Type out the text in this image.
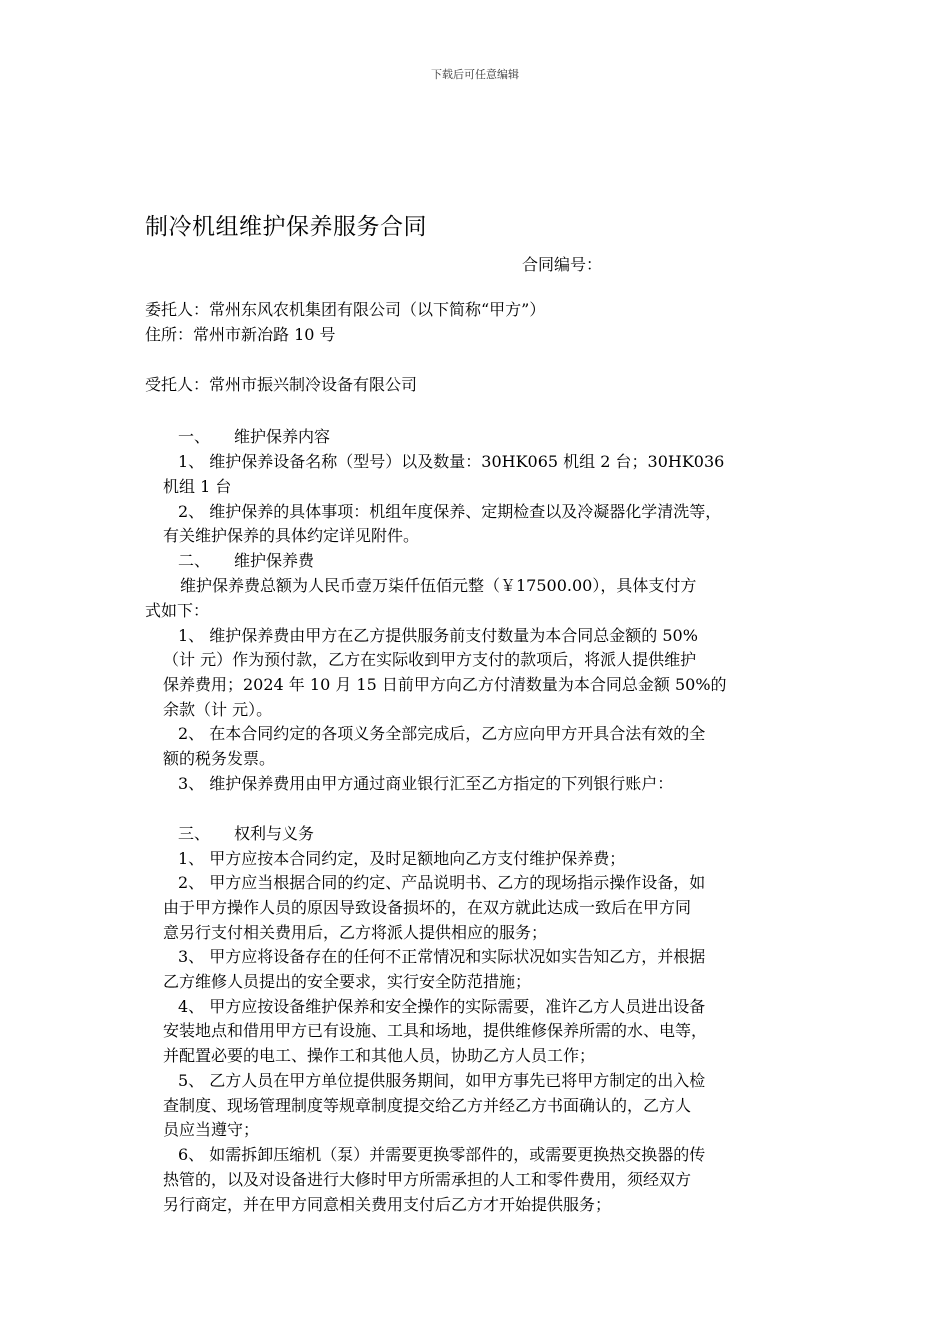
下载后可任意编辑
制冷机组维护保养服务合同
合同编号：
委托人：常州东风农机集团有限公司（以下简称“甲方”）
住所：常州市新冶路 10 号
受托人：常州市振兴制冷设备有限公司
一、　　维护保养内容
1、 维护保养设备名称（型号）以及数量：30HK065 机组 2 台；30HK036
机组 1 台
2、 维护保养的具体事项：机组年度保养、定期检查以及冷凝器化学清洗等，
有关维护保养的具体约定详见附件。
二、　　维护保养费
维护保养费总额为人民币壹万柒仟伍佰元整（￥17500.00），具体支付方
式如下：
1、 维护保养费由甲方在乙方提供服务前支付数量为本合同总金额的 50%
（计 元）作为预付款，乙方在实际收到甲方支付的款项后，将派人提供维护
保养费用；2024 年 10 月 15 日前甲方向乙方付清数量为本合同总金额 50%的
余款（计 元）。
2、 在本合同约定的各项义务全部完成后，乙方应向甲方开具合法有效的全
额的税务发票。
3、 维护保养费用由甲方通过商业银行汇至乙方指定的下列银行账户：
三、　　权利与义务
1、 甲方应按本合同约定，及时足额地向乙方支付维护保养费；
2、 甲方应当根据合同的约定、产品说明书、乙方的现场指示操作设备，如
由于甲方操作人员的原因导致设备损坏的，在双方就此达成一致后在甲方同
意另行支付相关费用后，乙方将派人提供相应的服务；
3、 甲方应将设备存在的任何不正常情况和实际状况如实告知乙方，并根据
乙方维修人员提出的安全要求，实行安全防范措施；
4、 甲方应按设备维护保养和安全操作的实际需要，准许乙方人员进出设备
安装地点和借用甲方已有设施、工具和场地，提供维修保养所需的水、电等，
并配置必要的电工、操作工和其他人员，协助乙方人员工作；
5、 乙方人员在甲方单位提供服务期间，如甲方事先已将甲方制定的出入检
查制度、现场管理制度等规章制度提交给乙方并经乙方书面确认的，乙方人
员应当遵守；
6、 如需拆卸压缩机（泵）并需要更换零部件的，或需要更换热交换器的传
热管的，以及对设备进行大修时甲方所需承担的人工和零件费用，须经双方
另行商定，并在甲方同意相关费用支付后乙方才开始提供服务；
